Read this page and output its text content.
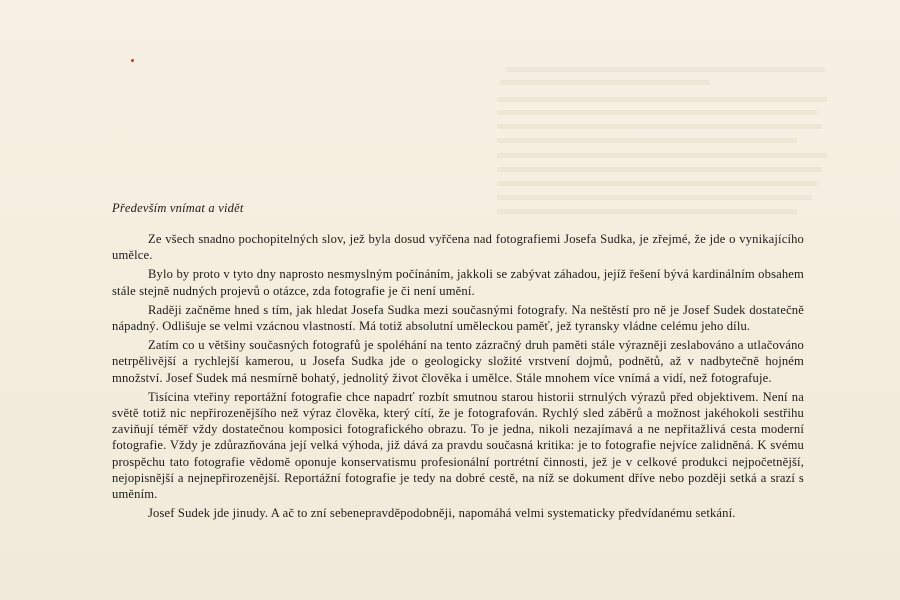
Především vnímat a vidět

Ze všech snadno pochopitelných slov, jež byla dosud vyřčena nad fotografiemi Josefa Sudka, je zřejmé, že jde o vynikajícího umělce.

Bylo by proto v tyto dny naprosto nesmyslným počínáním, jakkoli se zabývat záhadou, jejíž řešení bývá kardinálním obsahem stále stejně nudných projevů o otázce, zda fotografie je či není umění.

Raději začněme hned s tím, jak hledat Josefa Sudka mezi současnými fotografy. Na neštěstí pro ně je Josef Sudek dostatečně nápadný. Odlišuje se velmi vzácnou vlastností. Má totiž absolutní uměleckou paměť, jež tyransky vládne celému jeho dílu.

Zatím co u většiny současných fotografů je spoléhání na tento zázračný druh paměti stále výrazněji zeslabováno a utlačováno netrpělivější a rychlejší kamerou, u Josefa Sudka jde o geologicky složité vrstvení dojmů, podnětů, až v nadbytečně hojném množství. Josef Sudek má nesmírně bohatý, jednolitý život člověka i umělce. Stále mnohem více vnímá a vidí, než fotografuje.

Tisícina vteřiny reportážní fotografie chce napadrť rozbít smutnou starou historii strnulých výrazů před objektivem. Není na světě totiž nic nepřirozenějšího než výraz člověka, který cítí, že je fotografován. Rychlý sled záběrů a možnost jakéhokoli sestřihu zaviňují téměř vždy dostatečnou komposici fotografického obrazu. To je jedna, nikoli nezajímavá a ne nepřitažlivá cesta moderní fotografie. Vždy je zdůrazňována její velká výhoda, již dává za pravdu současná kritika: je to fotografie nejvíce zalidněná. K svému prospěchu tato fotografie vědomě oponuje konservatismu profesionální portrétní činnosti, jež je v celkové produkci nejpočetnější, nejopisnější a nejnepřirozenější. Reportážní fotografie je tedy na dobré cestě, na níž se dokument dříve nebo později setká a srazí s uměním.

Josef Sudek jde jinudy. A ač to zní sebenepravděpodobněji, napomáhá velmi systematicky předvídanému setkání.
